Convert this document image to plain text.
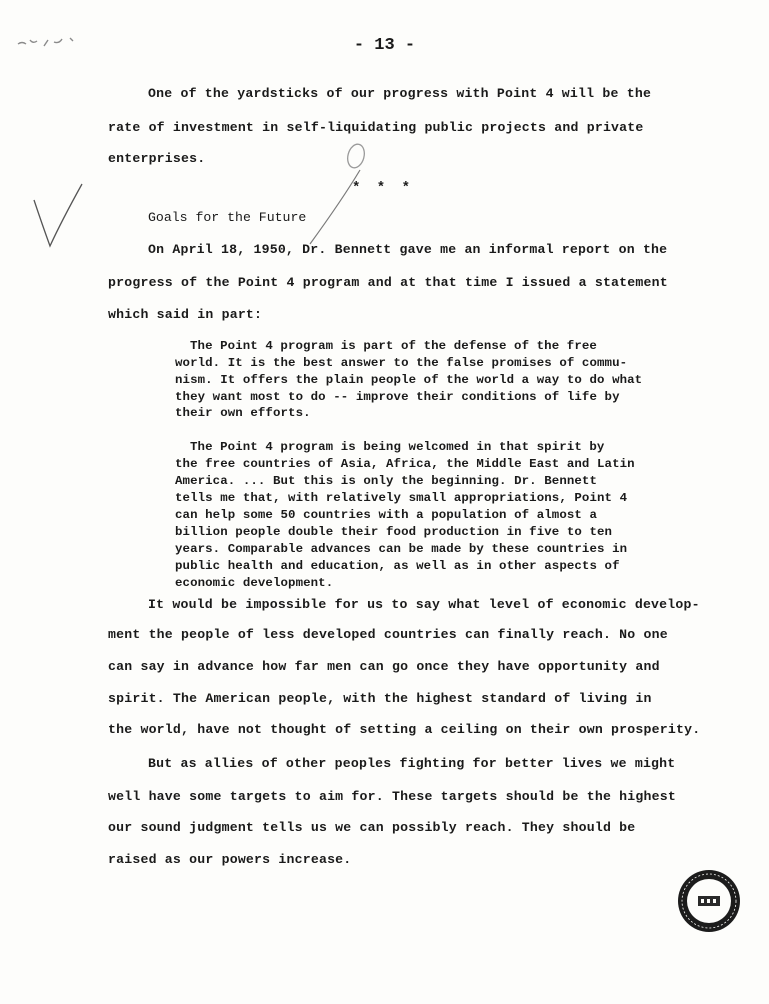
- 13 -
One of the yardsticks of our progress with Point 4 will be the
rate of investment in self-liquidating public projects and private
enterprises.
* * *
Goals for the Future
On April 18, 1950, Dr. Bennett gave me an informal report on the
progress of the Point 4 program and at that time I issued a statement
which said in part:
The Point 4 program is part of the defense of the free
world. It is the best answer to the false promises of commu-
nism. It offers the plain people of the world a way to do what
they want most to do -- improve their conditions of life by
their own efforts.
The Point 4 program is being welcomed in that spirit by
the free countries of Asia, Africa, the Middle East and Latin
America. ... But this is only the beginning. Dr. Bennett
tells me that, with relatively small appropriations, Point 4
can help some 50 countries with a population of almost a
billion people double their food production in five to ten
years. Comparable advances can be made by these countries in
public health and education, as well as in other aspects of
economic development.
It would be impossible for us to say what level of economic develop-
ment the people of less developed countries can finally reach. No one
can say in advance how far men can go once they have opportunity and
spirit. The American people, with the highest standard of living in
the world, have not thought of setting a ceiling on their own prosperity.
But as allies of other peoples fighting for better lives we might
well have some targets to aim for. These targets should be the highest
our sound judgment tells us we can possibly reach. They should be
raised as our powers increase.
